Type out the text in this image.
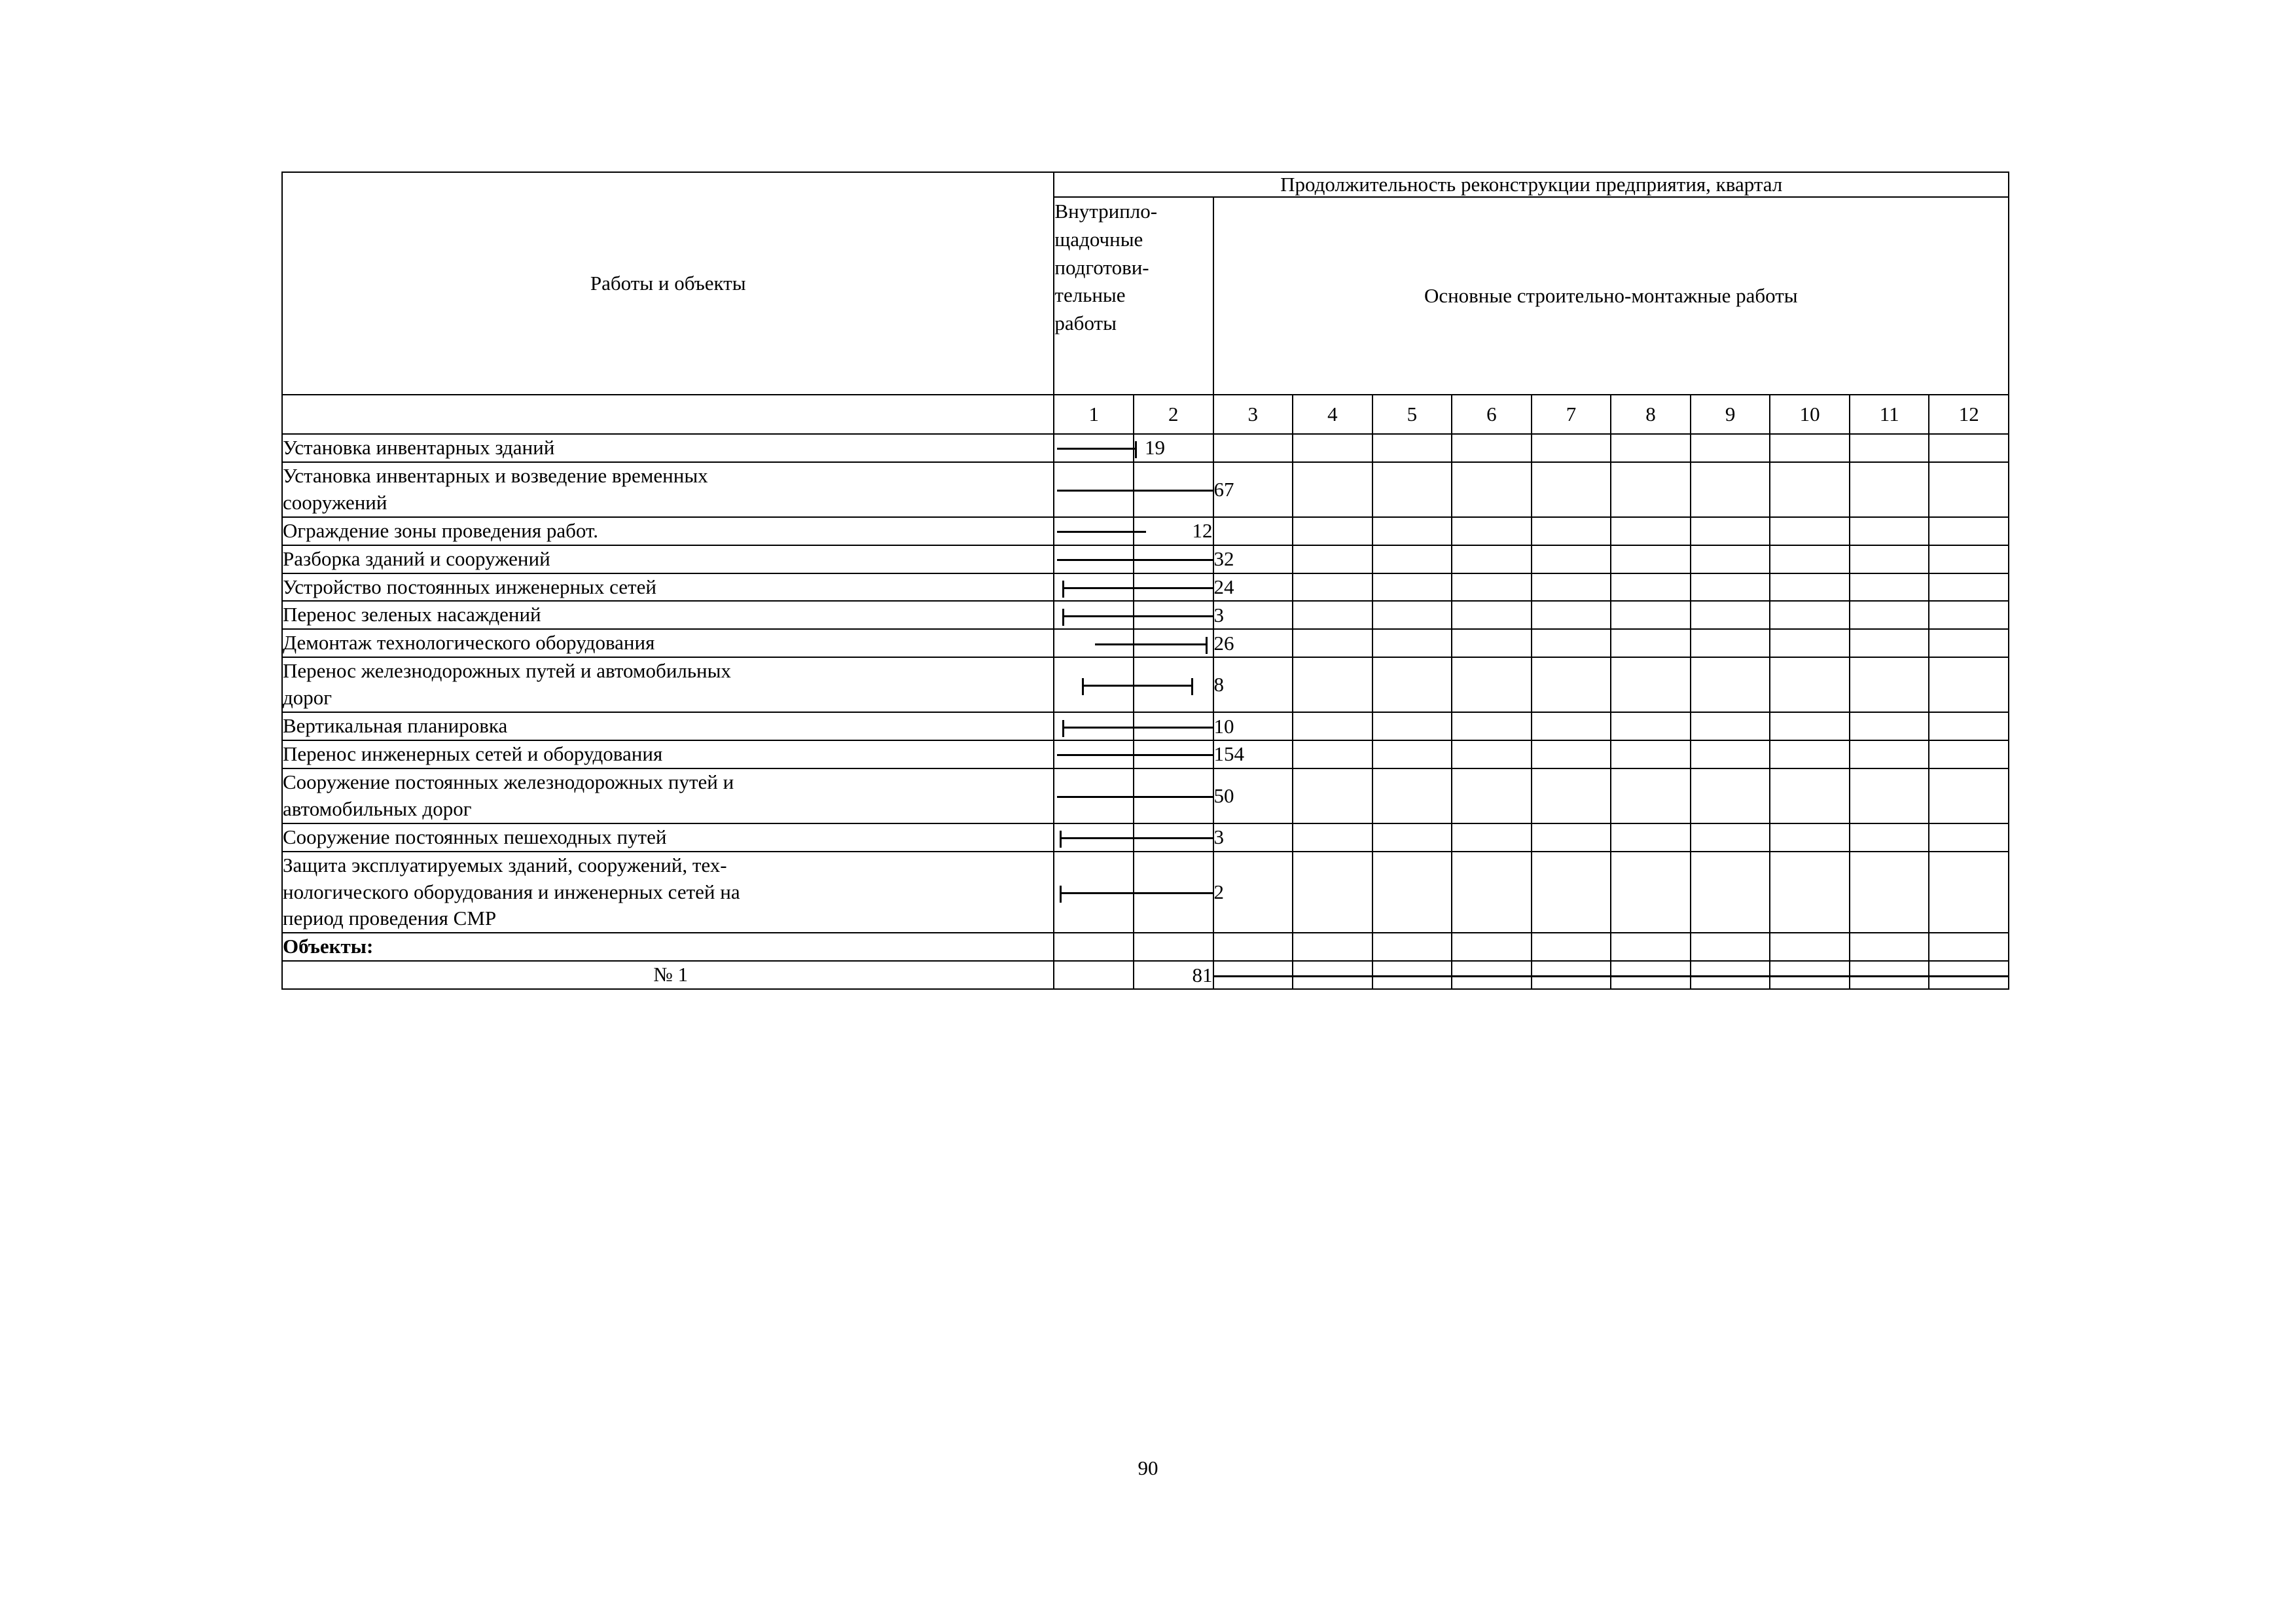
Работы и объекты	Продолжительность реконструкции предприятия, квартал											

	Внутрипло-
щадочные
подготови-
тельные
работы		Основные строительно-монтажные работы									
	1	2	3	4	5	6	7	8	9	10	11	12

Установка инвентарных зданий		19										

Установка инвентарных и возведение временных
сооружений			67									

Ограждение зоны проведения работ.		12										

Разборка зданий и сооружений			32									

Устройство постоянных инженерных сетей			24									

Перенос зеленых насаждений			3									

Демонтаж технологического оборудования			26									

Перенос железнодорожных путей и автомобильных
дорог			8									

Вертикальная планировка			10									

Перенос инженерных сетей и оборудования			154									

Сооружение постоянных железнодорожных путей и
автомобильных дорог			50									

Сооружение постоянных пешеходных путей			3									

Защита эксплуатируемых зданий, сооружений, тех-
нологического оборудования и инженерных сетей на
период проведения СМР			2									

Объекты:												

№ 1		81	

90
